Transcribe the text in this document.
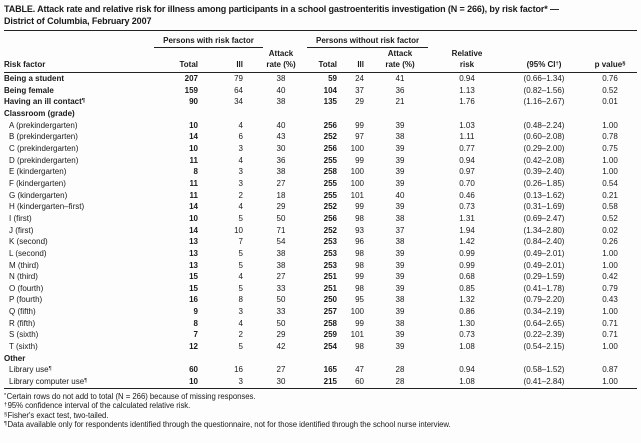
TABLE. Attack rate and relative risk for illness among participants in a school gastroenteritis investigation (N = 266), by risk factor* —
District of Columbia, February 2007
	Persons with risk factor			Persons without risk factor					
			Attack			Attack	Relative		
Risk factor	Total	Ill	rate (%)	Total	Ill	rate (%)	risk	(95% CI†)	p value§
Being a student	207	79	38	59	24	41	0.94	(0.66–1.34)	0.76
Being female	159	64	40	104	37	36	1.13	(0.82–1.56)	0.52
Having an ill contact¶	90	34	38	135	29	21	1.76	(1.16–2.67)	0.01
Classroom (grade)									
A (prekindergarten)	10	4	40	256	99	39	1.03	(0.48–2.24)	1.00
B (prekindergarten)	14	6	43	252	97	38	1.11	(0.60–2.08)	0.78
C (prekindergarten)	10	3	30	256	100	39	0.77	(0.29–2.00)	0.75
D (prekindergarten)	11	4	36	255	99	39	0.94	(0.42–2.08)	1.00
E (kindergarten)	8	3	38	258	100	39	0.97	(0.39–2.40)	1.00
F (kindergarten)	11	3	27	255	100	39	0.70	(0.26–1.85)	0.54
G (kindergarten)	11	2	18	255	101	40	0.46	(0.13–1.62)	0.21
H (kindergarten–first)	14	4	29	252	99	39	0.73	(0.31–1.69)	0.58
I (first)	10	5	50	256	98	38	1.31	(0.69–2.47)	0.52
J (first)	14	10	71	252	93	37	1.94	(1.34–2.80)	0.02
K (second)	13	7	54	253	96	38	1.42	(0.84–2.40)	0.26
L (second)	13	5	38	253	98	39	0.99	(0.49–2.01)	1.00
M (third)	13	5	38	253	98	39	0.99	(0.49–2.01)	1.00
N (third)	15	4	27	251	99	39	0.68	(0.29–1.59)	0.42
O (fourth)	15	5	33	251	98	39	0.85	(0.41–1.78)	0.79
P (fourth)	16	8	50	250	95	38	1.32	(0.79–2.20)	0.43
Q (fifth)	9	3	33	257	100	39	0.86	(0.34–2.19)	1.00
R (fifth)	8	4	50	258	99	38	1.30	(0.64–2.65)	0.71
S (sixth)	7	2	29	259	101	39	0.73	(0.22–2.39)	0.71
T (sixth)	12	5	42	254	98	39	1.08	(0.54–2.15)	1.00
Other									
Library use¶	60	16	27	165	47	28	0.94	(0.58–1.52)	0.87
Library computer use¶	10	3	30	215	60	28	1.08	(0.41–2.84)	1.00
*Certain rows do not add to total (N = 266) because of missing responses.
†95% confidence interval of the calculated relative risk.
§Fisher's exact test, two-tailed.
¶Data available only for respondents identified through the questionnaire, not for those identified through the school nurse interview.
